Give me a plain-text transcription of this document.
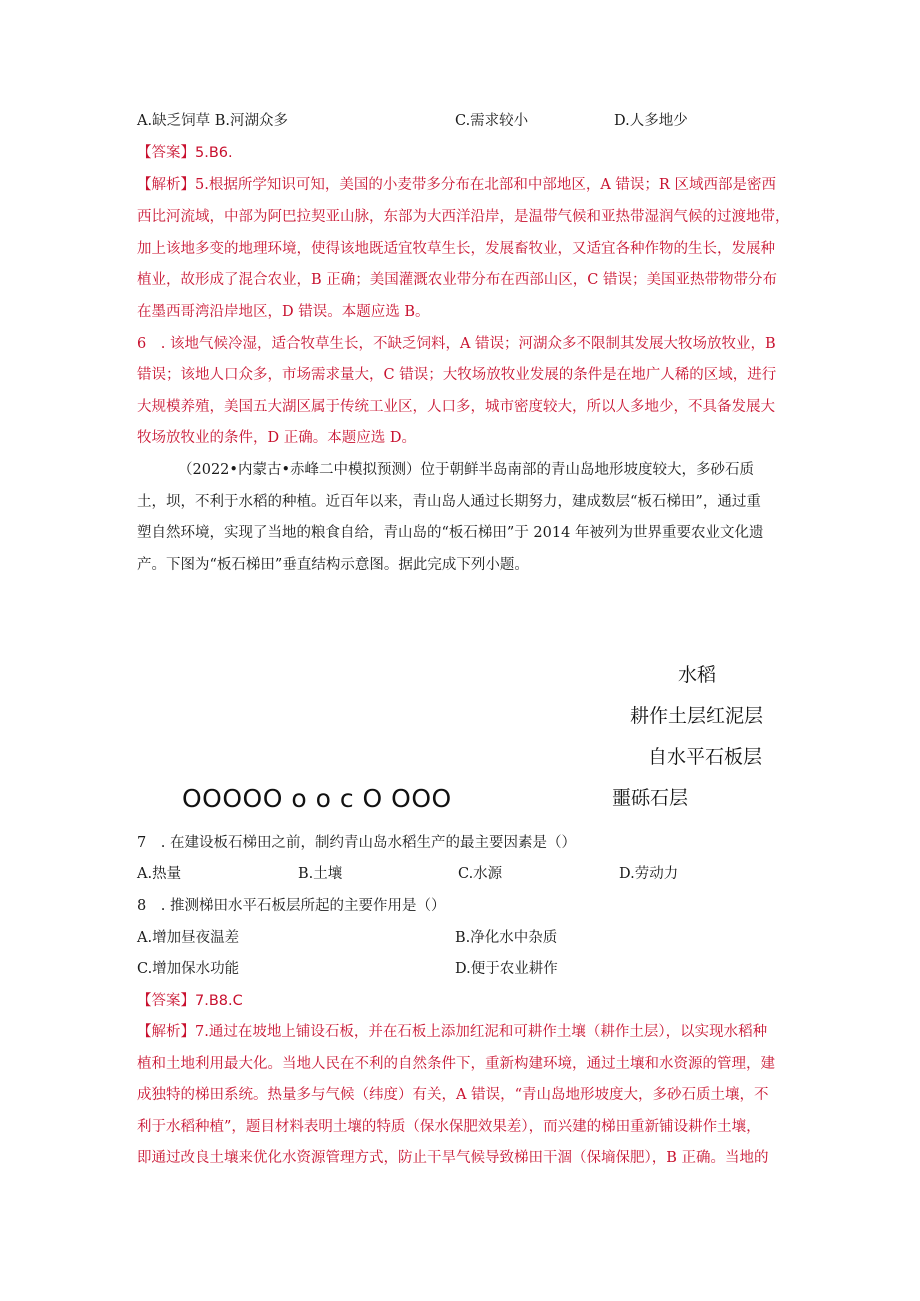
A.缺乏饲草 B.河湖众多	C.需求较小	D.人多地少
【答案】5.B6.
【解析】5.根据所学知识可知，美国的小麦带多分布在北部和中部地区，A 错误；R 区域西部是密西
西比河流域，中部为阿巴拉契亚山脉，东部为大西洋沿岸，是温带气候和亚热带湿润气候的过渡地带，
加上该地多变的地理环境，使得该地既适宜牧草生长，发展畜牧业，又适宜各种作物的生长，发展种
植业，故形成了混合农业，B 正确；美国灌溉农业带分布在西部山区，C 错误；美国亚热带物带分布
在墨西哥湾沿岸地区，D 错误。本题应选 B。
6　. 该地气候冷湿，适合牧草生长，不缺乏饲料，A 错误；河湖众多不限制其发展大牧场放牧业，B
错误；该地人口众多，市场需求量大，C 错误；大牧场放牧业发展的条件是在地广人稀的区域，进行
大规模养殖，美国五大湖区属于传统工业区，人口多，城市密度较大，所以人多地少，不具备发展大
牧场放牧业的条件，D 正确。本题应选 D。
（2022•内蒙古•赤峰二中模拟预测）位于朝鲜半岛南部的青山岛地形坡度较大，多砂石质
土，坝，不利于水稻的种植。近百年以来，青山岛人通过长期努力，建成数层“板石梯田”，通过重
塑自然环境，实现了当地的粮食自给，青山岛的“板石梯田”于 2014 年被列为世界重要农业文化遗
产。下图为“板石梯田”垂直结构示意图。据此完成下列小题。
水稻
耕作土层红泥层
自水平石板层
噩砾石层
OOOOO o o c O OOO
7　. 在建设板石梯田之前，制约青山岛水稻生产的最主要因素是（）
A.热量	B.土壤	C.水源	D.劳动力
8　. 推测梯田水平石板层所起的主要作用是（）
A.增加昼夜温差	B.净化水中杂质
C.增加保水功能	D.便于农业耕作
【答案】7.B8.C
【解析】7.通过在坡地上铺设石板，并在石板上添加红泥和可耕作土壤（耕作土层），以实现水稻种
植和土地利用最大化。当地人民在不利的自然条件下，重新构建环境，通过土壤和水资源的管理，建
成独特的梯田系统。热量多与气候（纬度）有关，A 错误，“青山岛地形坡度大，多砂石质土壤，不
利于水稻种植”，题目材料表明土壤的特质（保水保肥效果差），而兴建的梯田重新铺设耕作土壤，
即通过改良土壤来优化水资源管理方式，防止干旱气候导致梯田干涸（保墒保肥），B 正确。当地的
